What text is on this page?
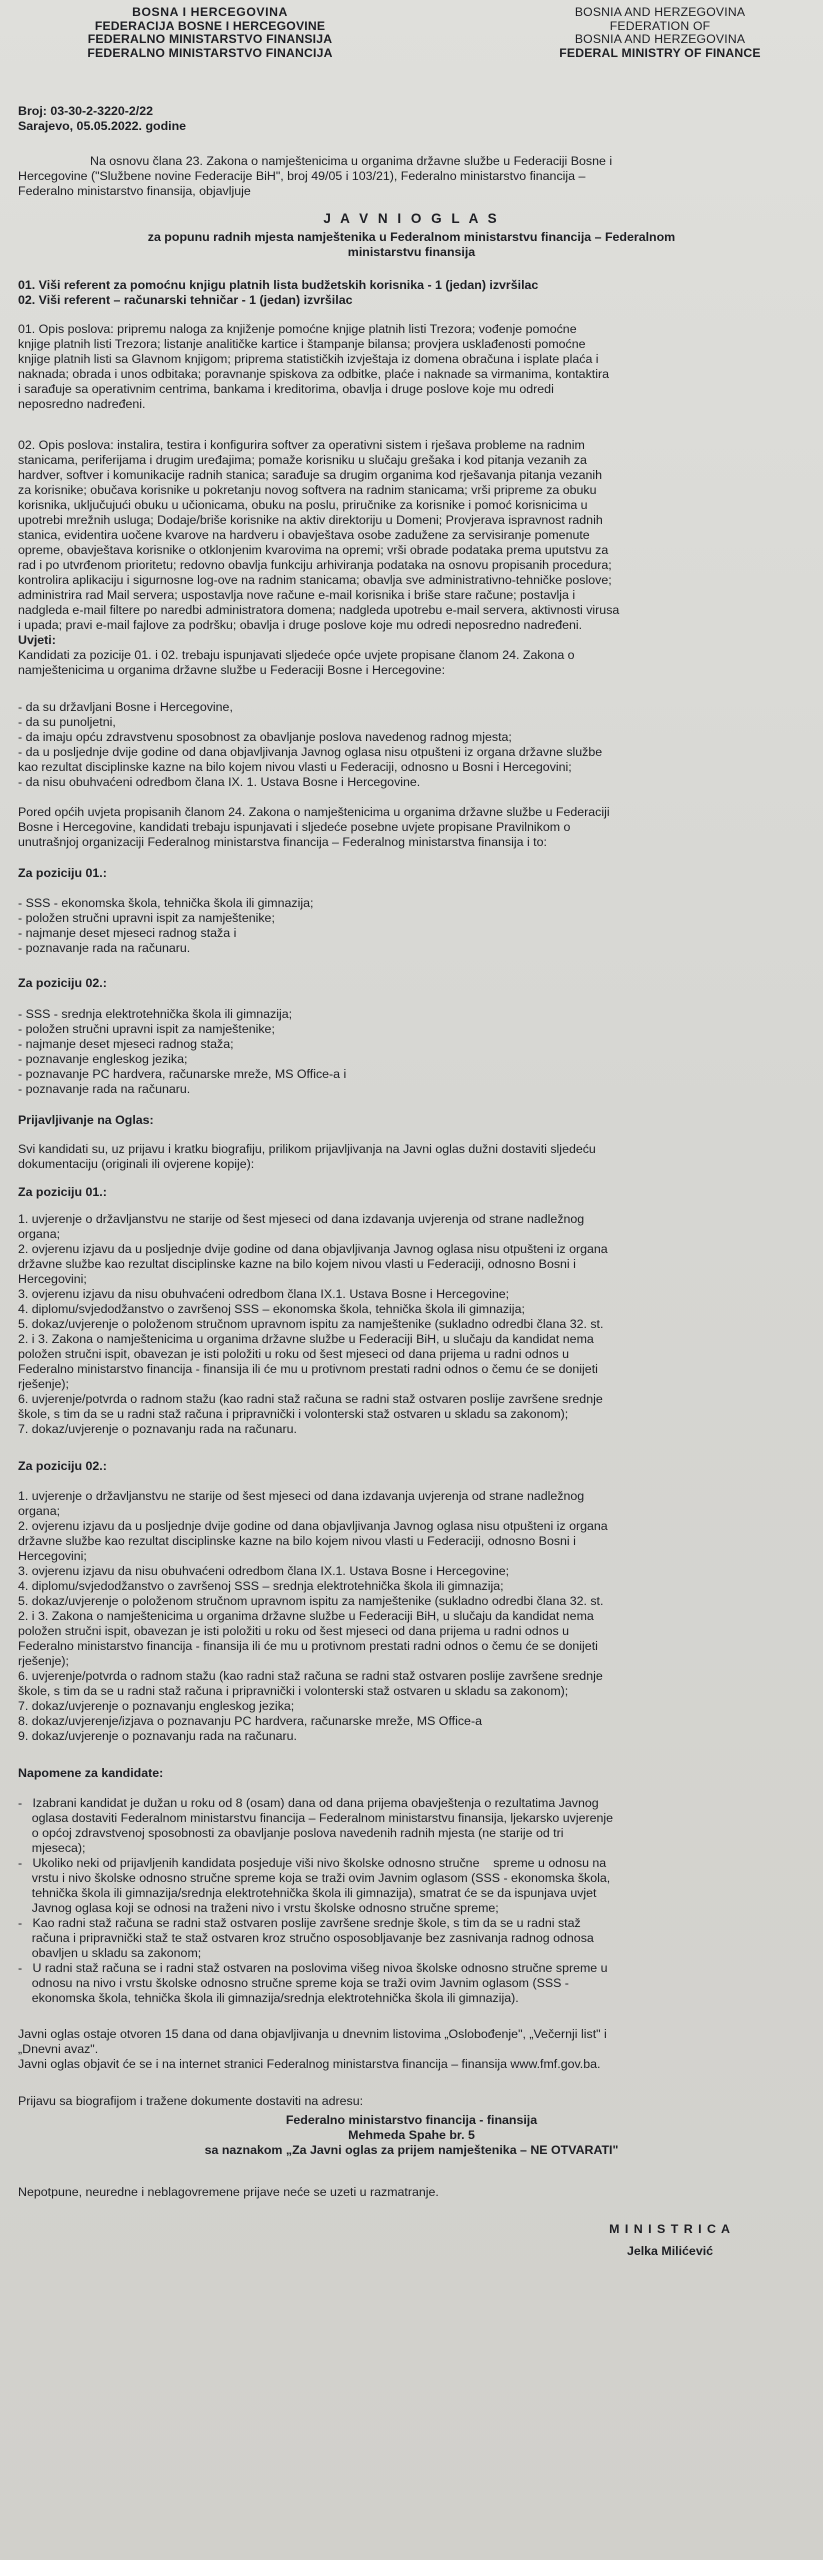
BOSNA I HERCEGOVINA
FEDERACIJA BOSNE I HERCEGOVINE
FEDERALNO MINISTARSTVO FINANSIJA
FEDERALNO MINISTARSTVO FINANCIJA
BOSNIA AND HERZEGOVINA
FEDERATION OF
BOSNIA AND HERZEGOVINA
FEDERAL MINISTRY OF FINANCE
Broj: 03-30-2-3220-2/22
Sarajevo, 05.05.2022. godine
Na osnovu člana 23. Zakona o namještenicima u organima državne službe u Federaciji Bosne i
Hercegovine ("Službene novine Federacije BiH", broj 49/05 i 103/21), Federalno ministarstvo financija –
Federalno ministarstvo finansija, objavljuje
J A V N I O G L A S
za popunu radnih mjesta namještenika u Federalnom ministarstvu financija – Federalnom
ministarstvu finansija
01. Viši referent za pomoćnu knjigu platnih lista budžetskih korisnika - 1 (jedan) izvršilac
02. Viši referent – računarski tehničar - 1 (jedan) izvršilac
01. Opis poslova: pripremu naloga za knjiženje pomoćne knjige platnih listi Trezora; vođenje pomoćne
knjige platnih listi Trezora; listanje analitičke kartice i štampanje bilansa; provjera usklađenosti pomoćne
knjige platnih listi sa Glavnom knjigom; priprema statističkih izvještaja iz domena obračuna i isplate plaća i
naknada; obrada i unos odbitaka; poravnanje spiskova za odbitke, plaće i naknade sa virmanima, kontaktira
i sarađuje sa operativnim centrima, bankama i kreditorima, obavlja i druge poslove koje mu odredi
neposredno nadređeni.
02. Opis poslova: instalira, testira i konfigurira softver za operativni sistem i rješava probleme na radnim
stanicama, periferijama i drugim uređajima; pomaže korisniku u slučaju grešaka i kod pitanja vezanih za
hardver, softver i komunikacije radnih stanica; sarađuje sa drugim organima kod rješavanja pitanja vezanih
za korisnike; obučava korisnike u pokretanju novog softvera na radnim stanicama; vrši pripreme za obuku
korisnika, uključujući obuku u učionicama, obuku na poslu, priručnike za korisnike i pomoć korisnicima u
upotrebi mrežnih usluga; Dodaje/briše korisnike na aktiv direktoriju u Domeni; Provjerava ispravnost radnih
stanica, evidentira uočene kvarove na hardveru i obavještava osobe zadužene za servisiranje pomenute
opreme, obavještava korisnike o otklonjenim kvarovima na opremi; vrši obrade podataka prema uputstvu za
rad i po utvrđenom prioritetu; redovno obavlja funkciju arhiviranja podataka na osnovu propisanih procedura;
kontrolira aplikaciju i sigurnosne log-ove na radnim stanicama; obavlja sve administrativno-tehničke poslove;
administrira rad Mail servera; uspostavlja nove račune e-mail korisnika i briše stare račune; postavlja i
nadgleda e-mail filtere po naredbi administratora domena; nadgleda upotrebu e-mail servera, aktivnosti virusa
i upada; pravi e-mail fajlove za podršku; obavlja i druge poslove koje mu odredi neposredno nadređeni.
Uvjeti:
Kandidati za pozicije 01. i 02. trebaju ispunjavati sljedeće opće uvjete propisane članom 24. Zakona o
namještenicima u organima državne službe u Federaciji Bosne i Hercegovine:
- da su državljani Bosne i Hercegovine,
- da su punoljetni,
- da imaju opću zdravstvenu sposobnost za obavljanje poslova navedenog radnog mjesta;
- da u posljednje dvije godine od dana objavljivanja Javnog oglasa nisu otpušteni iz organa državne službe
kao rezultat disciplinske kazne na bilo kojem nivou vlasti u Federaciji, odnosno u Bosni i Hercegovini;
- da nisu obuhvaćeni odredbom člana IX. 1. Ustava Bosne i Hercegovine.
Pored općih uvjeta propisanih članom 24. Zakona o namještenicima u organima državne službe u Federaciji
Bosne i Hercegovine, kandidati trebaju ispunjavati i sljedeće posebne uvjete propisane Pravilnikom o
unutrašnjoj organizaciji Federalnog ministarstva financija – Federalnog ministarstva finansija i to:
Za poziciju 01.:
- SSS - ekonomska škola, tehnička škola ili gimnazija;
- položen stručni upravni ispit za namještenike;
- najmanje deset mjeseci radnog staža i
- poznavanje rada na računaru.
Za poziciju 02.:
- SSS - srednja elektrotehnička škola ili gimnazija;
- položen stručni upravni ispit za namještenike;
- najmanje deset mjeseci radnog staža;
- poznavanje engleskog jezika;
- poznavanje PC hardvera, računarske mreže, MS Office-a i
- poznavanje rada na računaru.
Prijavljivanje na Oglas:
Svi kandidati su, uz prijavu i kratku biografiju, prilikom prijavljivanja na Javni oglas dužni dostaviti sljedeću
dokumentaciju (originali ili ovjerene kopije):
Za poziciju 01.:
1. uvjerenje o državljanstvu ne starije od šest mjeseci od dana izdavanja uvjerenja od strane nadležnog
organa;
2. ovjerenu izjavu da u posljednje dvije godine od dana objavljivanja Javnog oglasa nisu otpušteni iz organa
državne službe kao rezultat disciplinske kazne na bilo kojem nivou vlasti u Federaciji, odnosno Bosni i
Hercegovini;
3. ovjerenu izjavu da nisu obuhvaćeni odredbom člana IX.1. Ustava Bosne i Hercegovine;
4. diplomu/svjedodžanstvo o završenoj SSS – ekonomska škola, tehnička škola ili gimnazija;
5. dokaz/uvjerenje o položenom stručnom upravnom ispitu za namještenike (sukladno odredbi člana 32. st.
2. i 3. Zakona o namještenicima u organima državne službe u Federaciji BiH, u slučaju da kandidat nema
položen stručni ispit, obavezan je isti položiti u roku od šest mjeseci od dana prijema u radni odnos u
Federalno ministarstvo financija - finansija ili će mu u protivnom prestati radni odnos o čemu će se donijeti
rješenje);
6. uvjerenje/potvrda o radnom stažu (kao radni staž računa se radni staž ostvaren poslije završene srednje
škole, s tim da se u radni staž računa i pripravnički i volonterski staž ostvaren u skladu sa zakonom);
7. dokaz/uvjerenje o poznavanju rada na računaru.
Za poziciju 02.:
1. uvjerenje o državljanstvu ne starije od šest mjeseci od dana izdavanja uvjerenja od strane nadležnog
organa;
2. ovjerenu izjavu da u posljednje dvije godine od dana objavljivanja Javnog oglasa nisu otpušteni iz organa
državne službe kao rezultat disciplinske kazne na bilo kojem nivou vlasti u Federaciji, odnosno Bosni i
Hercegovini;
3. ovjerenu izjavu da nisu obuhvaćeni odredbom člana IX.1. Ustava Bosne i Hercegovine;
4. diplomu/svjedodžanstvo o završenoj SSS – srednja elektrotehnička škola ili gimnazija;
5. dokaz/uvjerenje o položenom stručnom upravnom ispitu za namještenike (sukladno odredbi člana 32. st.
2. i 3. Zakona o namještenicima u organima državne službe u Federaciji BiH, u slučaju da kandidat nema
položen stručni ispit, obavezan je isti položiti u roku od šest mjeseci od dana prijema u radni odnos u
Federalno ministarstvo financija - finansija ili će mu u protivnom prestati radni odnos o čemu će se donijeti
rješenje);
6. uvjerenje/potvrda o radnom stažu (kao radni staž računa se radni staž ostvaren poslije završene srednje
škole, s tim da se u radni staž računa i pripravnički i volonterski staž ostvaren u skladu sa zakonom);
7. dokaz/uvjerenje o poznavanju engleskog jezika;
8. dokaz/uvjerenje/izjava o poznavanju PC hardvera, računarske mreže, MS Office-a
9. dokaz/uvjerenje o poznavanju rada na računaru.
Napomene za kandidate:
-   Izabrani kandidat je dužan u roku od 8 (osam) dana od dana prijema obavještenja o rezultatima Javnog
oglasa dostaviti Federalnom ministarstvu financija – Federalnom ministarstvu finansija, ljekarsko uvjerenje
o općoj zdravstvenoj sposobnosti za obavljanje poslova navedenih radnih mjesta (ne starije od tri
mjeseca);
-   Ukoliko neki od prijavljenih kandidata posjeduje viši nivo školske odnosno stručne    spreme u odnosu na
vrstu i nivo školske odnosno stručne spreme koja se traži ovim Javnim oglasom (SSS - ekonomska škola,
tehnička škola ili gimnazija/srednja elektrotehnička škola ili gimnazija), smatrat će se da ispunjava uvjet
Javnog oglasa koji se odnosi na traženi nivo i vrstu školske odnosno stručne spreme;
-   Kao radni staž računa se radni staž ostvaren poslije završene srednje škole, s tim da se u radni staž
računa i pripravnički staž te staž ostvaren kroz stručno osposobljavanje bez zasnivanja radnog odnosa
obavljen u skladu sa zakonom;
-   U radni staž računa se i radni staž ostvaren na poslovima višeg nivoa školske odnosno stručne spreme u
odnosu na nivo i vrstu školske odnosno stručne spreme koja se traži ovim Javnim oglasom (SSS -
ekonomska škola, tehnička škola ili gimnazija/srednja elektrotehnička škola ili gimnazija).
Javni oglas ostaje otvoren 15 dana od dana objavljivanja u dnevnim listovima „Oslobođenje", „Večernji list" i
„Dnevni avaz".
Javni oglas objavit će se i na internet stranici Federalnog ministarstva financija – finansija www.fmf.gov.ba.
Prijavu sa biografijom i tražene dokumente dostaviti na adresu:
Federalno ministarstvo financija - finansija
Mehmeda Spahe br. 5
sa naznakom „Za Javni oglas za prijem namještenika – NE OTVARATI"
Nepotpune, neuredne i neblagovremene prijave neće se uzeti u razmatranje.
M I N I S T R I C A
Jelka Milićević
